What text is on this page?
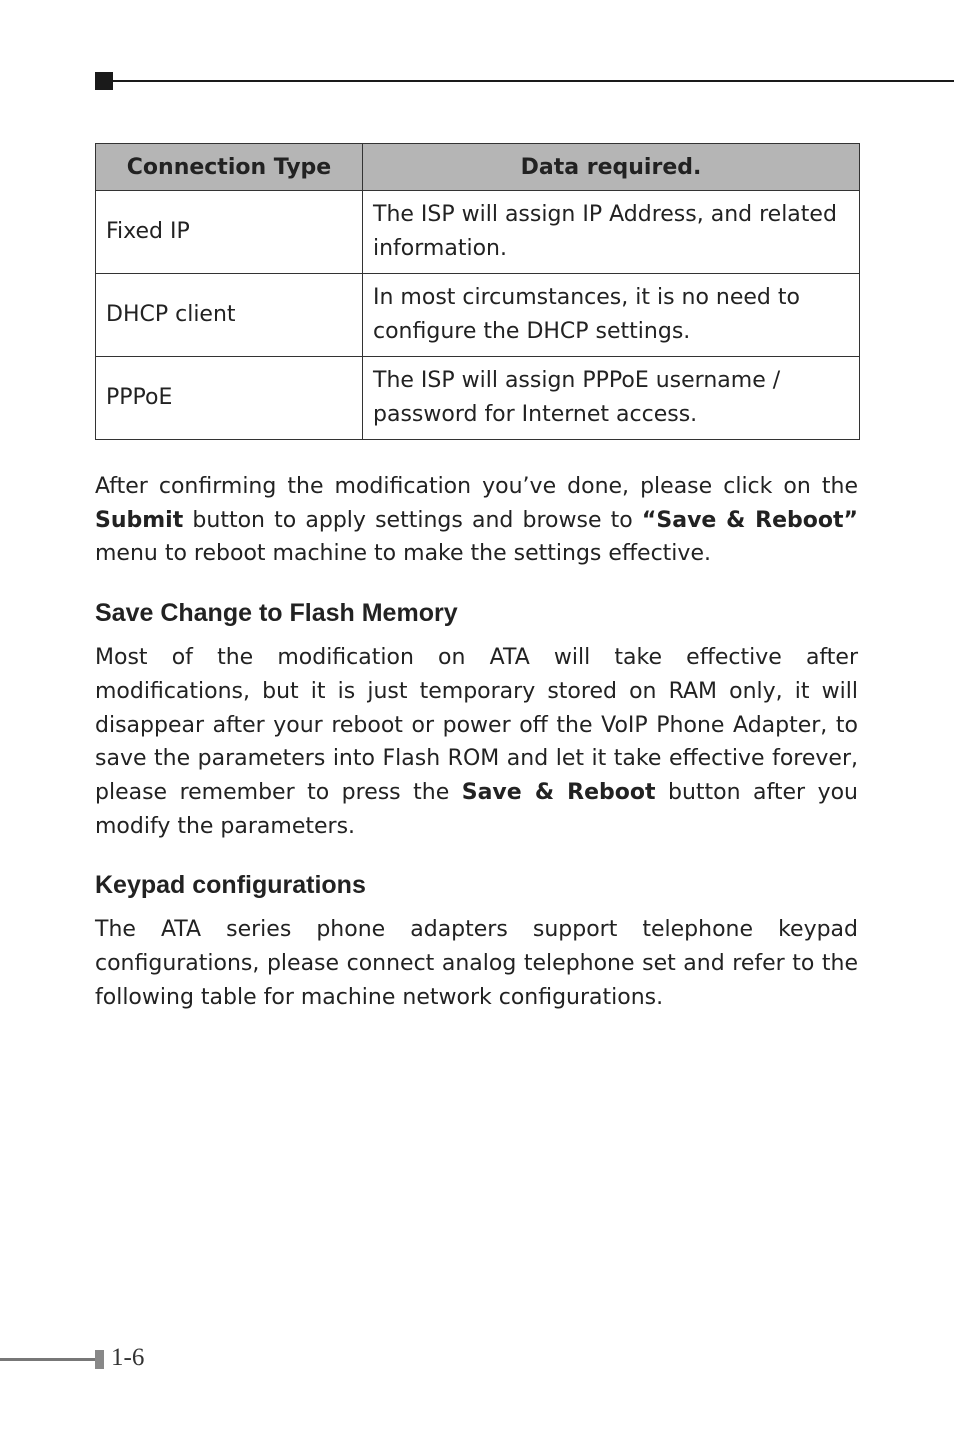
Connection Type	Data required.
Fixed IP	The ISP will assign IP Address, and related information.
DHCP client	In most circumstances, it is no need to configure the DHCP settings.
PPPoE	The ISP will assign PPPoE username / password for Internet access.

After confirming the modification you’ve done, please click on the Submit button to apply settings and browse to “Save & Reboot” menu to reboot machine to make the settings effective.

Save Change to Flash Memory

Most of the modification on ATA will take effective after modifications, but it is just temporary stored on RAM only, it will disappear after your reboot or power off the VoIP Phone Adapter, to save the parameters into Flash ROM and let it take effective forever, please remember to press the Save & Reboot button after you modify the parameters.

Keypad configurations

The ATA series phone adapters support telephone keypad configurations, please connect analog telephone set and refer to the following table for machine network configurations.

1-6
